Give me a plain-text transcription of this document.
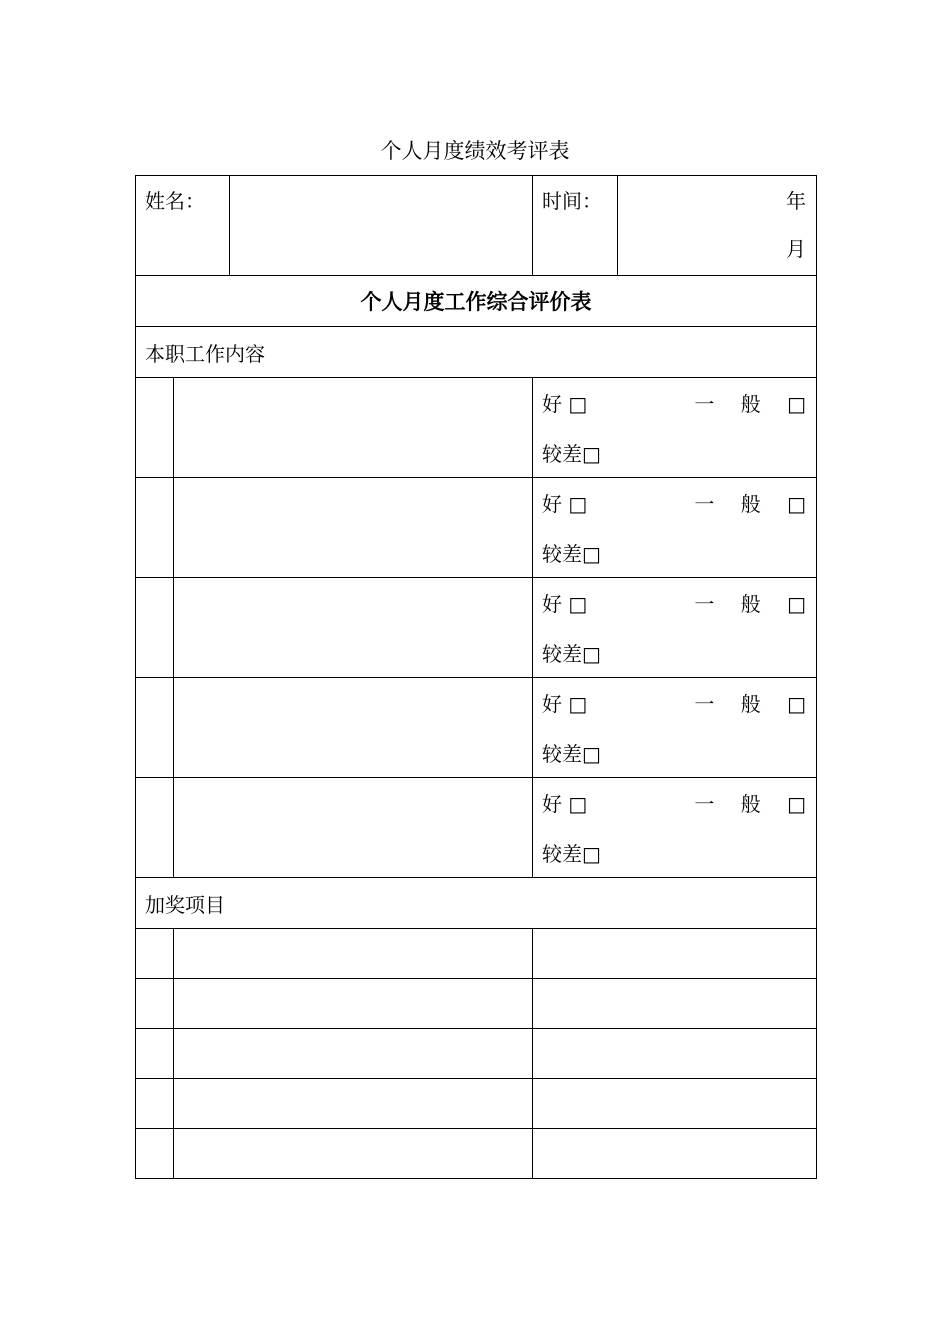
个人月度绩效考评表
姓名：			时间：	年
月

个人月度工作综合评价表				
本职工作内容				

			好 □ 一 般 □
较差□	

			好 □ 一 般 □
较差□	

			好 □ 一 般 □
较差□	

			好 □ 一 般 □
较差□	

			好 □ 一 般 □
较差□	

加奖项目				
